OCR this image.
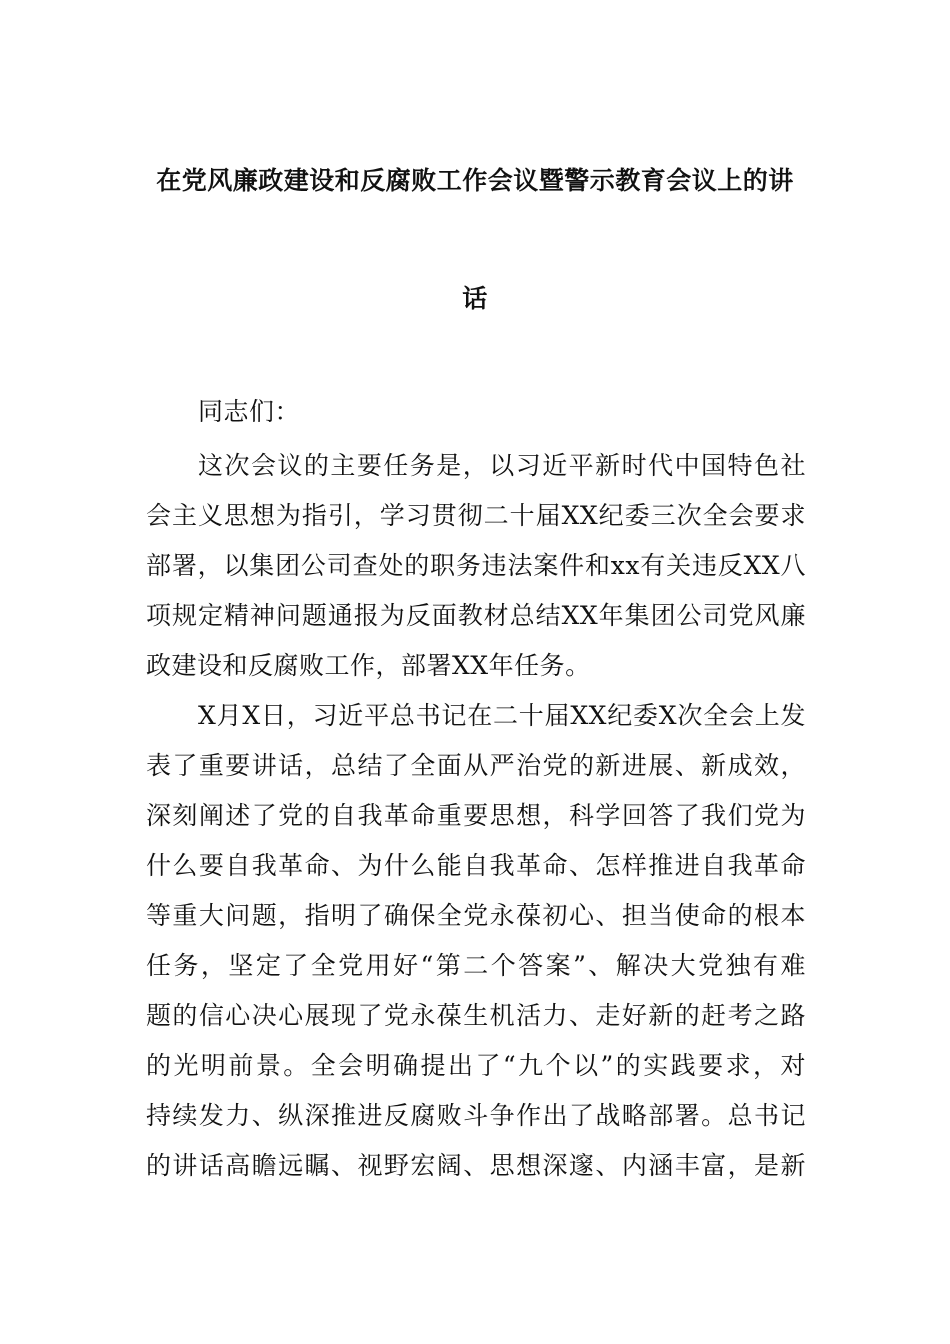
在党风廉政建设和反腐败工作会议暨警示教育会议上的讲
话
同志们：
这次会议的主要任务是，以习近平新时代中国特色社
会主义思想为指引，学习贯彻二十届XX纪委三次全会要求
部署，以集团公司查处的职务违法案件和xx有关违反XX八
项规定精神问题通报为反面教材总结XX年集团公司党风廉
政建设和反腐败工作，部署XX年任务。
X月X日，习近平总书记在二十届XX纪委X次全会上发
表了重要讲话，总结了全面从严治党的新进展、新成效，
深刻阐述了党的自我革命重要思想，科学回答了我们党为
什么要自我革命、为什么能自我革命、怎样推进自我革命
等重大问题，指明了确保全党永葆初心、担当使命的根本
任务，坚定了全党用好“第二个答案”、解决大党独有难
题的信心决心展现了党永葆生机活力、走好新的赶考之路
的光明前景。全会明确提出了“九个以”的实践要求，对
持续发力、纵深推进反腐败斗争作出了战略部署。总书记
的讲话高瞻远瞩、视野宏阔、思想深邃、内涵丰富，是新
